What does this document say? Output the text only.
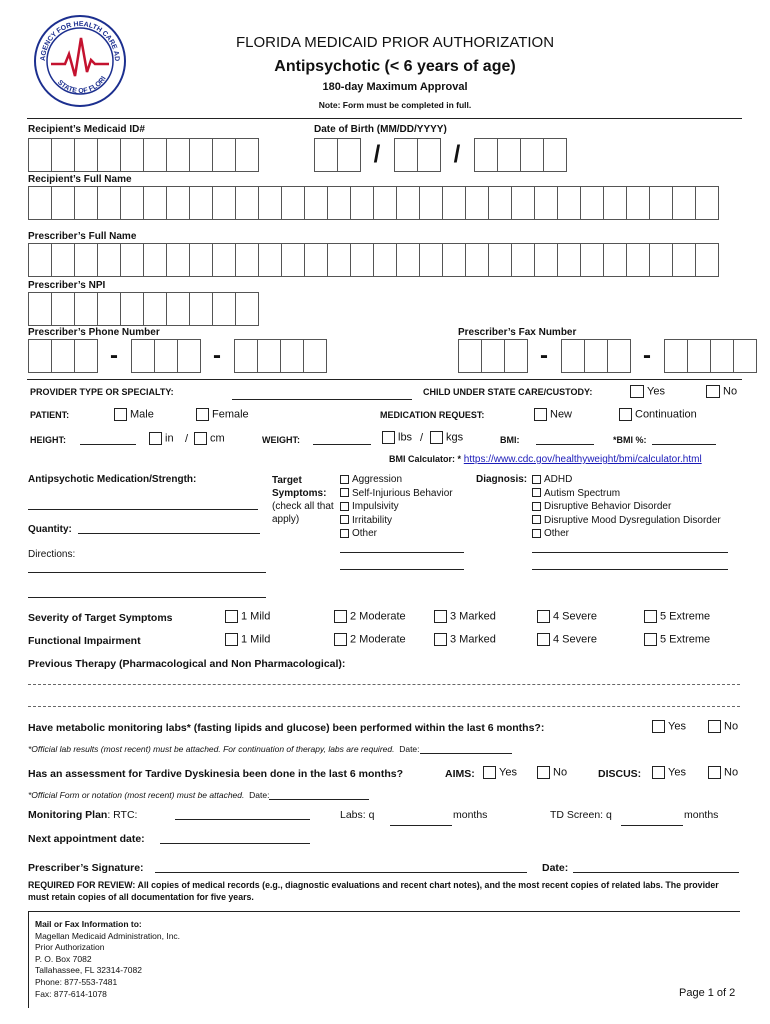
AGENCY FOR HEALTH CARE AD
STATE OF FLORI
FLORIDA MEDICAID PRIOR AUTHORIZATION
Antipsychotic (< 6 years of age)
180-day Maximum Approval
Note: Form must be completed in full.
Recipient’s Medicaid ID#	Date of Birth (MM/DD/YYYY)
/	/
Recipient’s Full Name
Prescriber’s Full Name
Prescriber’s NPI
Prescriber’s Phone Number	Prescriber’s Fax Number
-	-	-	-
PROVIDER TYPE OR SPECIALTY:	CHILD UNDER STATE CARE/CUSTODY:	Yes	No
PATIENT:	Male	Female	MEDICATION REQUEST:	New	Continuation
HEIGHT:	in /	cm	WEIGHT:	lbs /	kgs	BMI:	*BMI %:
BMI Calculator: * https://www.cdc.gov/healthyweight/bmi/calculator.html
Antipsychotic Medication/Strength:
Quantity:
Directions:
Target
Symptoms:
(check all that
apply)
Aggression
Self-Injurious Behavior
Impulsivity
Irritability
Other
Diagnosis:	ADHD
Autism Spectrum
Disruptive Behavior Disorder
Disruptive Mood Dysregulation Disorder
Other
Severity of Target Symptoms	1 Mild	2 Moderate	3 Marked	4 Severe	5 Extreme
Functional Impairment	1 Mild	2 Moderate	3 Marked	4 Severe	5 Extreme
Previous Therapy (Pharmacological and Non Pharmacological):
Have metabolic monitoring labs* (fasting lipids and glucose) been performed within the last 6 months?:	Yes	No
*Official lab results (most recent) must be attached. For continuation of therapy, labs are required. Date:
Has an assessment for Tardive Dyskinesia been done in the last 6 months?	AIMS:	Yes	No	DISCUS:	Yes	No
*Official Form or notation (most recent) must be attached. Date:
Monitoring Plan: RTC:	Labs: q	months	TD Screen: q	months
Next appointment date:
Prescriber’s Signature:	Date:
REQUIRED FOR REVIEW: All copies of medical records (e.g., diagnostic evaluations and recent chart notes), and the most recent copies of related labs. The provider must retain copies of all documentation for five years.
Mail or Fax Information to:
Magellan Medicaid Administration, Inc.
Prior Authorization
P. O. Box 7082
Tallahassee, FL 32314-7082
Phone: 877-553-7481
Fax: 877-614-1078	Page 1 of 2
